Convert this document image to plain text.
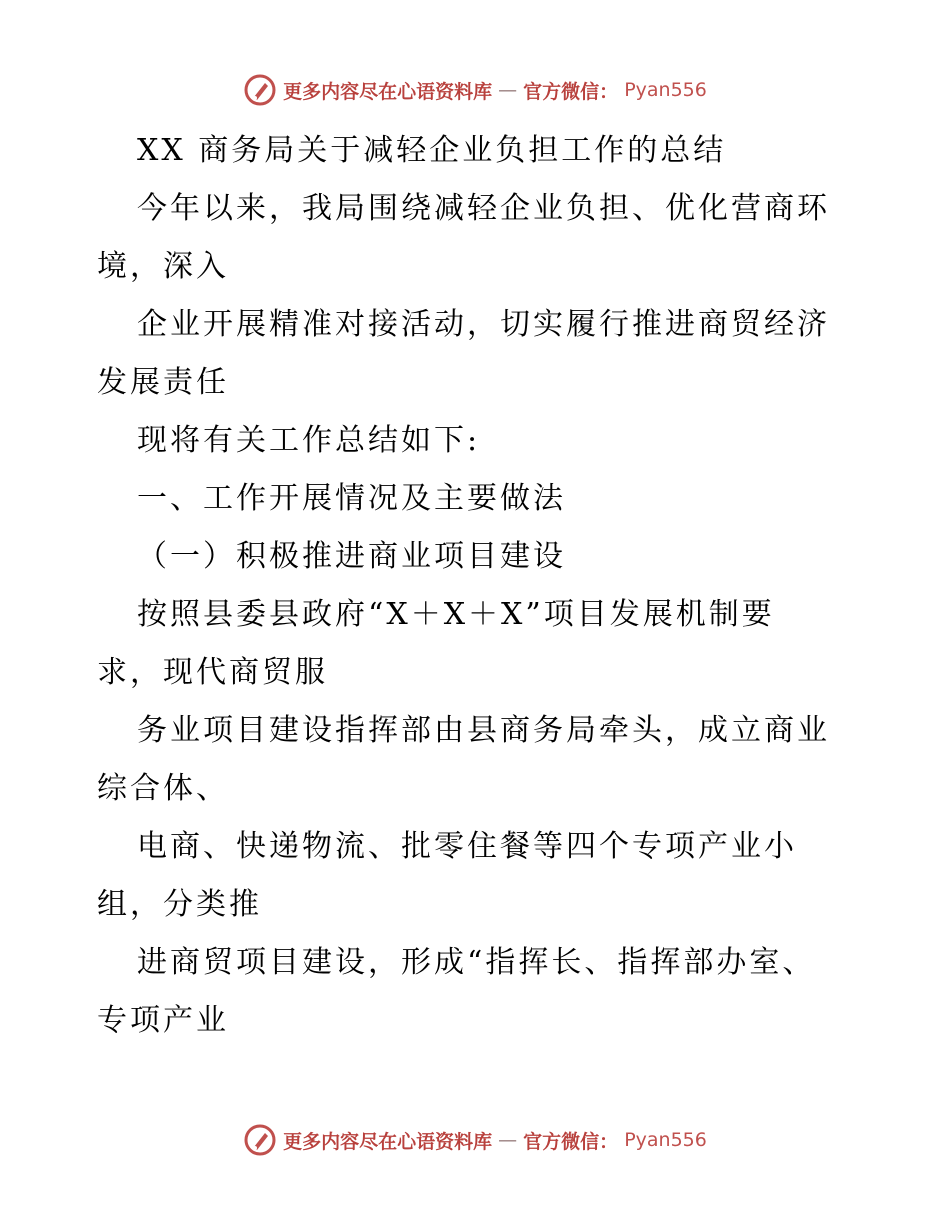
更多内容尽在心语资料库 — 官方微信： Pyan556

XX 商务局关于减轻企业负担工作的总结

今年以来，我局围绕减轻企业负担、优化营商环

境，深入

企业开展精准对接活动，切实履行推进商贸经济

发展责任

现将有关工作总结如下:

一、工作开展情况及主要做法

（一）积极推进商业项目建设

按照县委县政府“X＋X＋X”项目发展机制要

求，现代商贸服

务业项目建设指挥部由县商务局牵头，成立商业

综合体、

电商、快递物流、批零住餐等四个专项产业小

组，分类推

进商贸项目建设，形成“指挥长、指挥部办室、

专项产业

更多内容尽在心语资料库 — 官方微信： Pyan556
